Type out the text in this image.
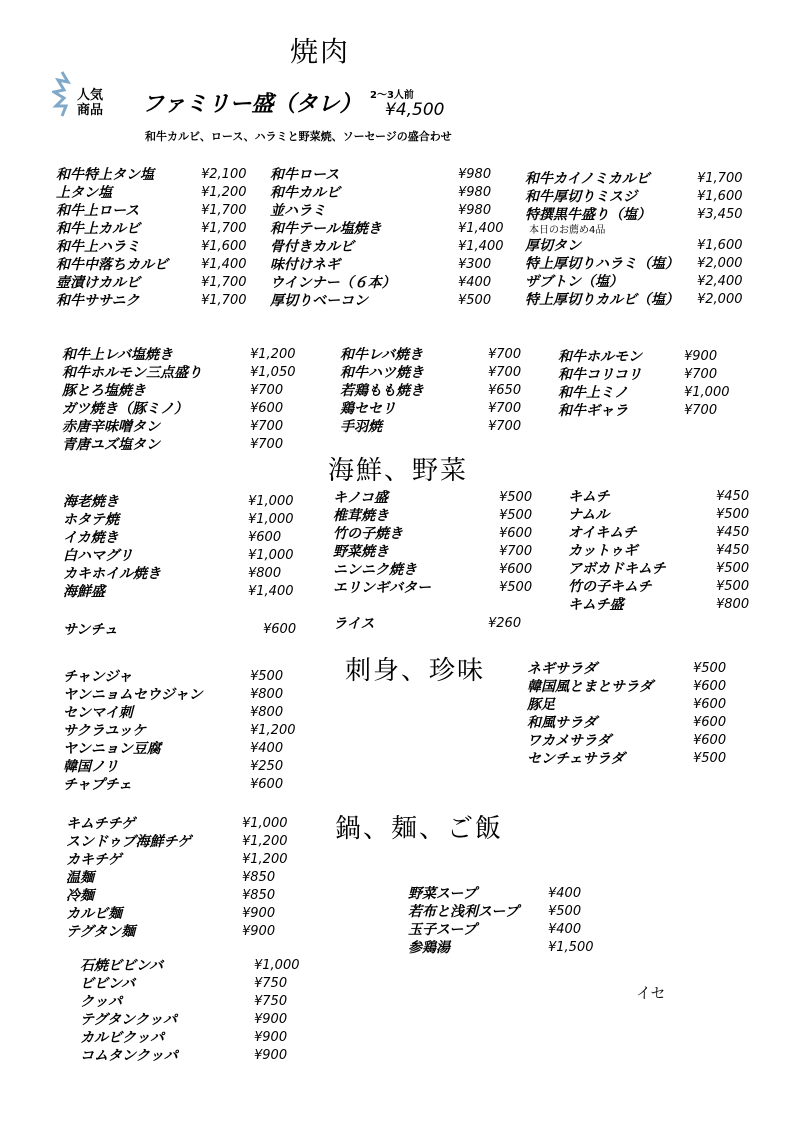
焼肉
人気
商品	ファミリー盛（タレ） 2～3人前
¥4,500
和牛カルビ、ロース、ハラミと野菜焼、ソーセージの盛合わせ
和牛特上タン塩	¥2,100
上タン塩	¥1,200
和牛上ロース	¥1,700
和牛上カルビ	¥1,700
和牛上ハラミ	¥1,600
和牛中落ちカルビ	¥1,400
壺漬けカルビ	¥1,700
和牛ササニク	¥1,700
和牛ロース	¥980
和牛カルビ	¥980
並ハラミ	¥980
和牛テール塩焼き	¥1,400
骨付きカルビ	¥1,400
味付けネギ	¥300
ウインナー（６本）	¥400
厚切りベーコン	¥500
和牛カイノミカルビ	¥1,700
和牛厚切りミスジ	¥1,600
特撰黒牛盛り（塩）	¥3,450
本日のお薦め4品
厚切タン	¥1,600
特上厚切りハラミ（塩） ¥2,000
ザブトン（塩）	¥2,400
特上厚切りカルビ（塩） ¥2,000
和牛上レバ塩焼き	¥1,200
和牛ホルモン三点盛り	¥1,050
豚とろ塩焼き	¥700
ガツ焼き（豚ミノ）	¥600
赤唐辛味噌タン	¥700
青唐ユズ塩タン	¥700
和牛レバ焼き	¥700
和牛ハツ焼き	¥700
若鶏もも焼き	¥650
鶏セセリ	¥700
手羽焼	¥700
和牛ホルモン	¥900
和牛コリコリ	¥700
和牛上ミノ	¥1,000
和牛ギャラ	¥700
海鮮、野菜
海老焼き	¥1,000
ホタテ焼	¥1,000
イカ焼き	¥600
白ハマグリ	¥1,000
カキホイル焼き	¥800
海鮮盛	¥1,400
キノコ盛	¥500
椎茸焼き	¥500
竹の子焼き	¥600
野菜焼き	¥700
ニンニク焼き	¥600
エリンギバター	¥500
キムチ	¥450
ナムル	¥500
オイキムチ	¥450
カットゥギ	¥450
アボカドキムチ	¥500
竹の子キムチ	¥500
キムチ盛	¥800
サンチュ	¥600	ライス	¥260
刺身、珍味
チャンジャ	¥500
ヤンニョムセウジャン	¥800
センマイ刺	¥800
サクラユッケ	¥1,200
ヤンニョン豆腐	¥400
韓国ノリ	¥250
チャプチェ	¥600
ネギサラダ	¥500
韓国風とまとサラダ	¥600
豚足	¥600
和風サラダ	¥600
ワカメサラダ	¥600
センチェサラダ	¥500
鍋、麺、ご飯
キムチチゲ	¥1,000
スンドゥブ海鮮チゲ	¥1,200
カキチゲ	¥1,200
温麺	¥850
冷麺	¥850
カルビ麺	¥900
テグタン麺	¥900
石焼ビビンバ	¥1,000
ビビンバ	¥750
クッパ	¥750
テグタンクッパ	¥900
カルビクッパ	¥900
コムタンクッパ	¥900
野菜スープ	¥400
若布と浅利スープ ¥500
玉子スープ	¥400
参鶏湯	¥1,500
イセ
